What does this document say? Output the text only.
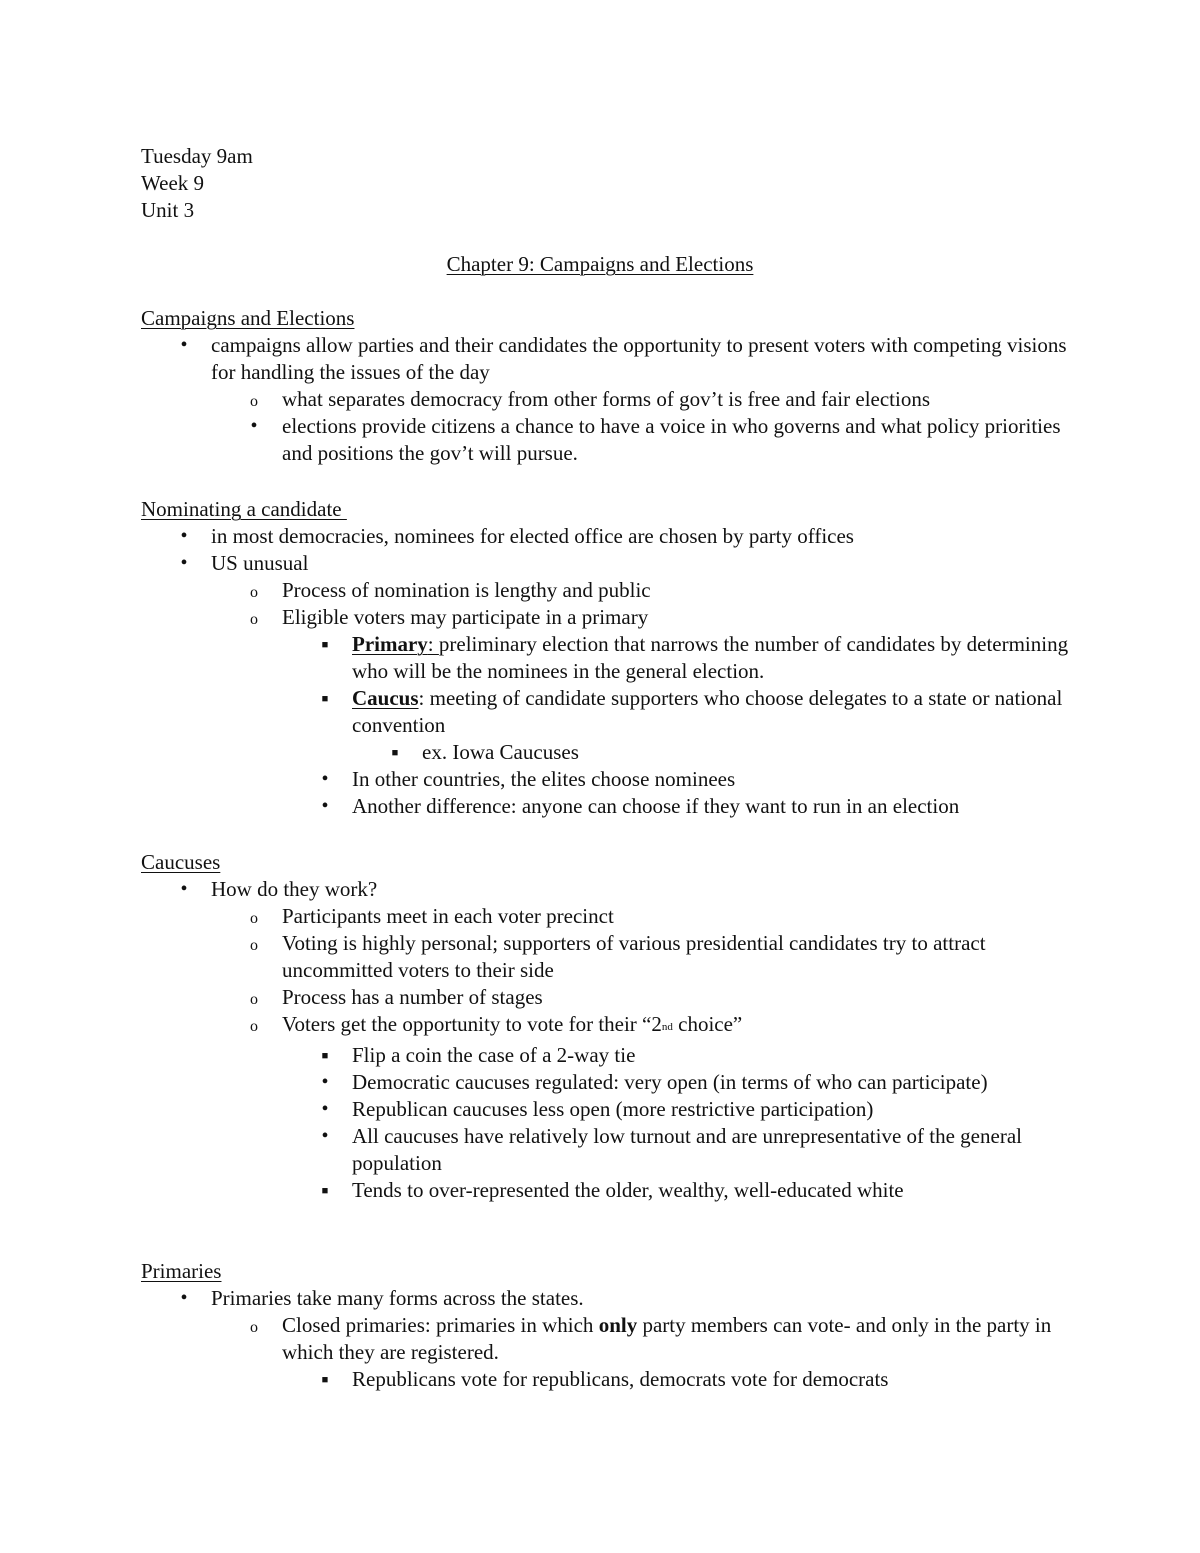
Tuesday 9am
Week 9
Unit 3
Chapter 9: Campaigns and Elections
Campaigns and Elections
•	campaigns allow parties and their candidates the opportunity to present voters with competing visions for handling the issues of the day
o what separates democracy from other forms of gov’t is free and fair elections
•	elections provide citizens a chance to have a voice in who governs and what policy priorities and positions the gov’t will pursue.
Nominating a candidate
•	in most democracies, nominees for elected office are chosen by party offices
•	US unusual
o Process of nomination is lengthy and public
o Eligible voters may participate in a primary
■	Primary: preliminary election that narrows the number of candidates by determining who will be the nominees in the general election.
■	Caucus: meeting of candidate supporters who choose delegates to a state or national convention
■	ex. Iowa Caucuses
•	In other countries, the elites choose nominees
•	Another difference: anyone can choose if they want to run in an election
Caucuses
•	How do they work?
o Participants meet in each voter precinct
o Voting is highly personal; supporters of various presidential candidates try to attract uncommitted voters to their side
o Process has a number of stages
o Voters get the opportunity to vote for their “2nd choice”
■	Flip a coin the case of a 2-way tie
•	Democratic caucuses regulated: very open (in terms of who can participate)
•	Republican caucuses less open (more restrictive participation)
•	All caucuses have relatively low turnout and are unrepresentative of the general population
■	Tends to over-represented the older, wealthy, well-educated white
Primaries
•	Primaries take many forms across the states.
o Closed primaries: primaries in which only party members can vote- and only in the party in which they are registered.
■	Republicans vote for republicans, democrats vote for democrats
